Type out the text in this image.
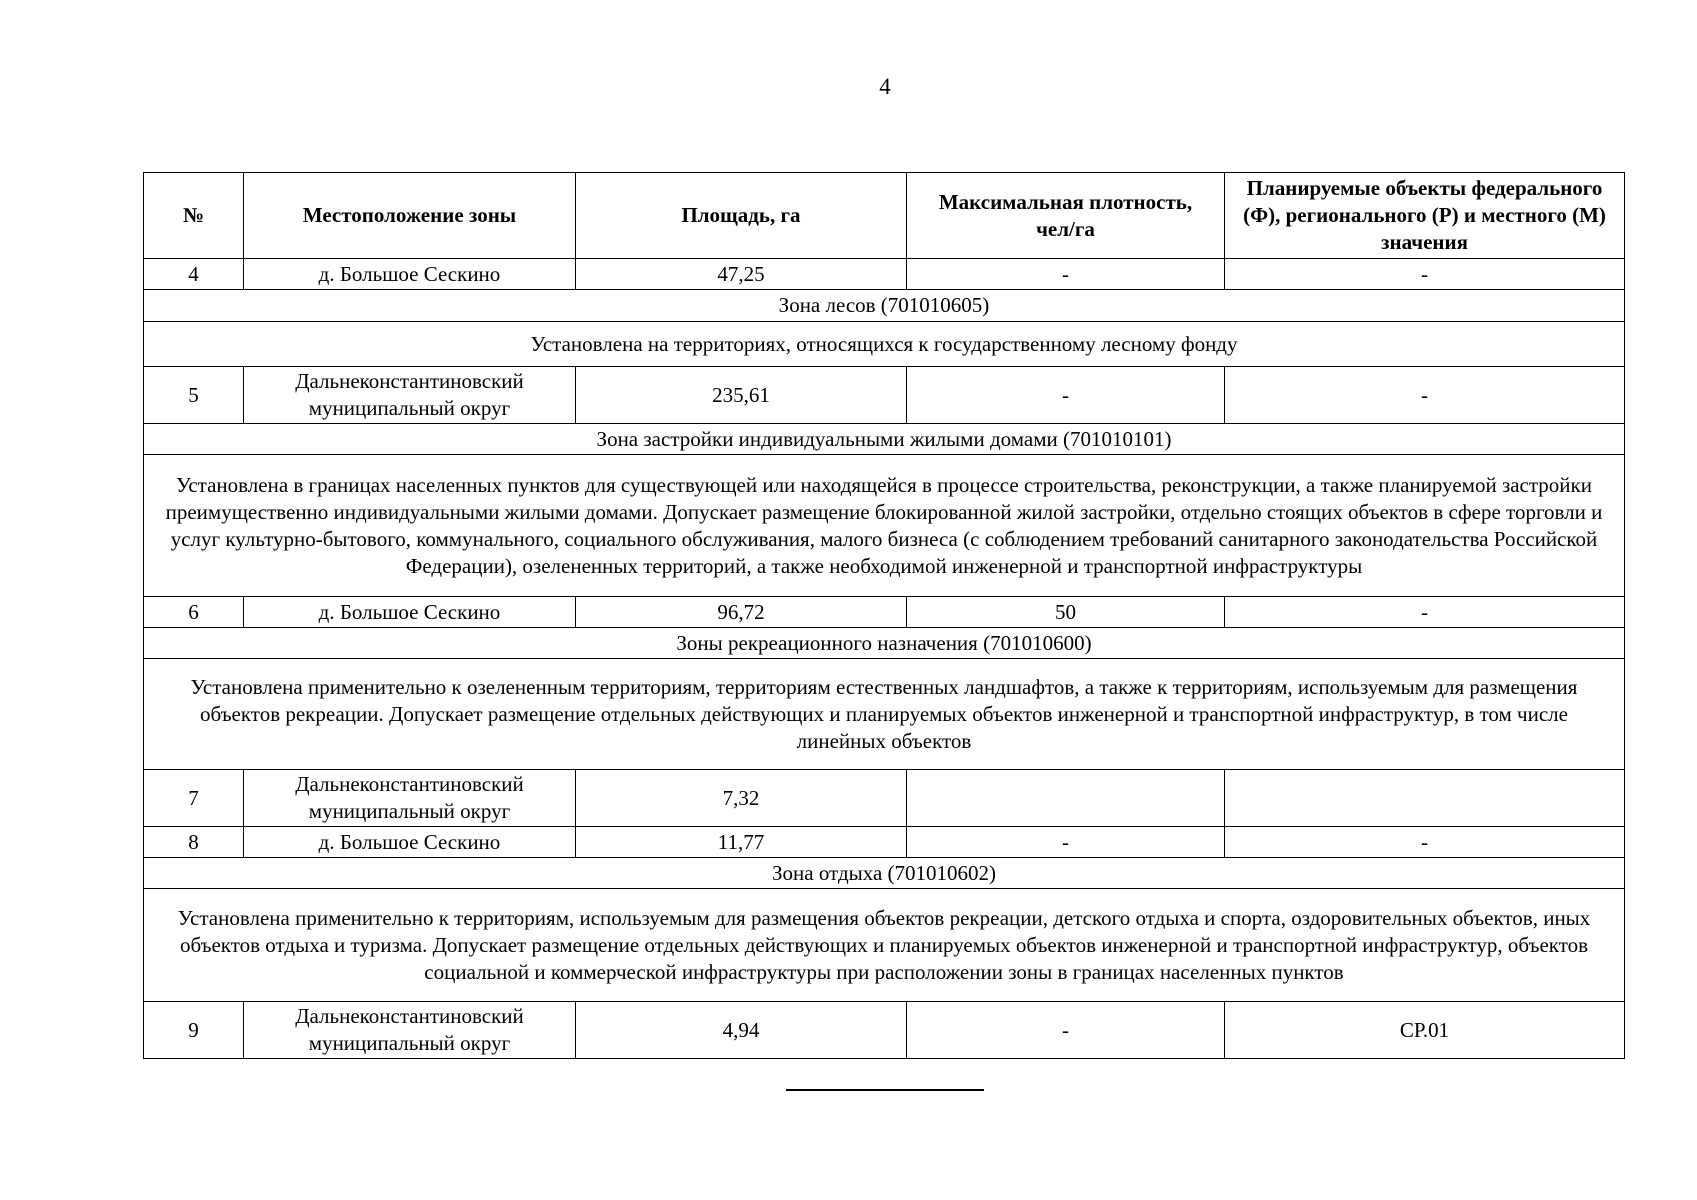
4
№	Местоположение зоны	Площадь, га	Максимальная плотность, чел/га	Планируемые объекты федерального (Ф), регионального (Р) и местного (М) значения
4	д. Большое Сескино	47,25	-	-
Зона лесов (701010605)				
Установлена на территориях, относящихся к государственному лесному фонду				
5	Дальнеконстантиновский муниципальный округ	235,61	-	-
Зона застройки индивидуальными жилыми домами (701010101)				
Установлена в границах населенных пунктов для существующей или находящейся в процессе строительства, реконструкции, а также планируемой застройки преимущественно индивидуальными жилыми домами. Допускает размещение блокированной жилой застройки, отдельно стоящих объектов в сфере торговли и услуг культурно-бытового, коммунального, социального обслуживания, малого бизнеса (с соблюдением требований санитарного законодательства Российской Федерации), озелененных территорий, а также необходимой инженерной и транспортной инфраструктуры				
6	д. Большое Сескино	96,72	50	-
Зоны рекреационного назначения (701010600)				
Установлена применительно к озелененным территориям, территориям естественных ландшафтов, а также к территориям, используемым для размещения объектов рекреации. Допускает размещение отдельных действующих и планируемых объектов инженерной и транспортной инфраструктур, в том числе линейных объектов				
7	Дальнеконстантиновский муниципальный округ	7,32		
8	д. Большое Сескино	11,77	-	-
Зона отдыха (701010602)				
Установлена применительно к территориям, используемым для размещения объектов рекреации, детского отдыха и спорта, оздоровительных объектов, иных объектов отдыха и туризма. Допускает размещение отдельных действующих и планируемых объектов инженерной и транспортной инфраструктур, объектов социальной и коммерческой инфраструктуры при расположении зоны в границах населенных пунктов				
9	Дальнеконстантиновский муниципальный округ	4,94	-	СР.01
